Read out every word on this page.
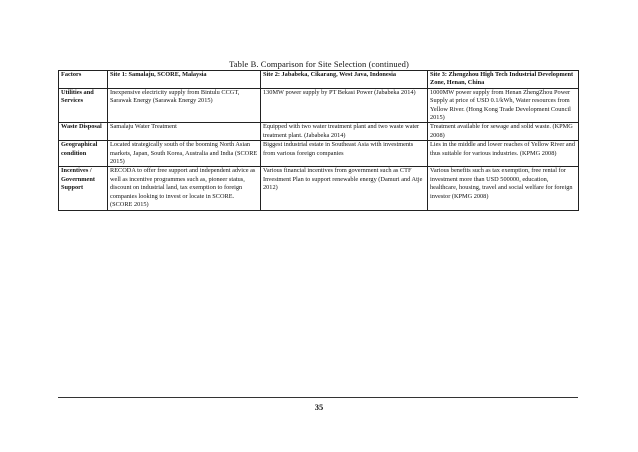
Table B. Comparison for Site Selection (continued)
Factors	Site 1: Samalaju, SCORE, Malaysia	Site 2: Jababeka, Cikarang, West Java, Indonesia	Site 3: Zhengzhou High Tech Industrial Development Zone, Henan, China
Utilities and Services	Inexpensive electricity supply from Bintulu CCGT, Sarawak Energy (Sarawak Energy 2015)	130MW power supply by PT Bekasi Power (Jababeka 2014)	1000MW power supply from Henan ZhengZhou Power Supply at price of USD 0.1/kWh, Water resources from Yellow River. (Hong Kong Trade Development Council 2015)
Waste Disposal	Samalaju Water Treatment	Equipped with two water treatment plant and two waste water treatment plant. (Jababeka 2014)	Treatment available for sewage and solid waste. (KPMG 2008)
Geographical condition	Located strategically south of the booming North Asian markets, Japan, South Korea, Australia and India (SCORE 2015)	Biggest industrial estate in Southeast Asia with investments from various foreign companies	Lies in the middle and lower reaches of Yellow River and thus suitable for various industries. (KPMG 2008)
Incentives / Government Support	RECODA to offer free support and independent advice as well as incentive programmes such as, pioneer status, discount on industrial land, tax exemption to foreign companies looking to invest or locate in SCORE. (SCORE 2015)	Various financial incentives from government such as CTF Investment Plan to support renewable energy (Damuri and Atje 2012)	Various benefits such as tax exemption, free rental for investment more than USD 500000, education, healthcare, housing, travel and social welfare for foreign investor (KPMG 2008)
35
